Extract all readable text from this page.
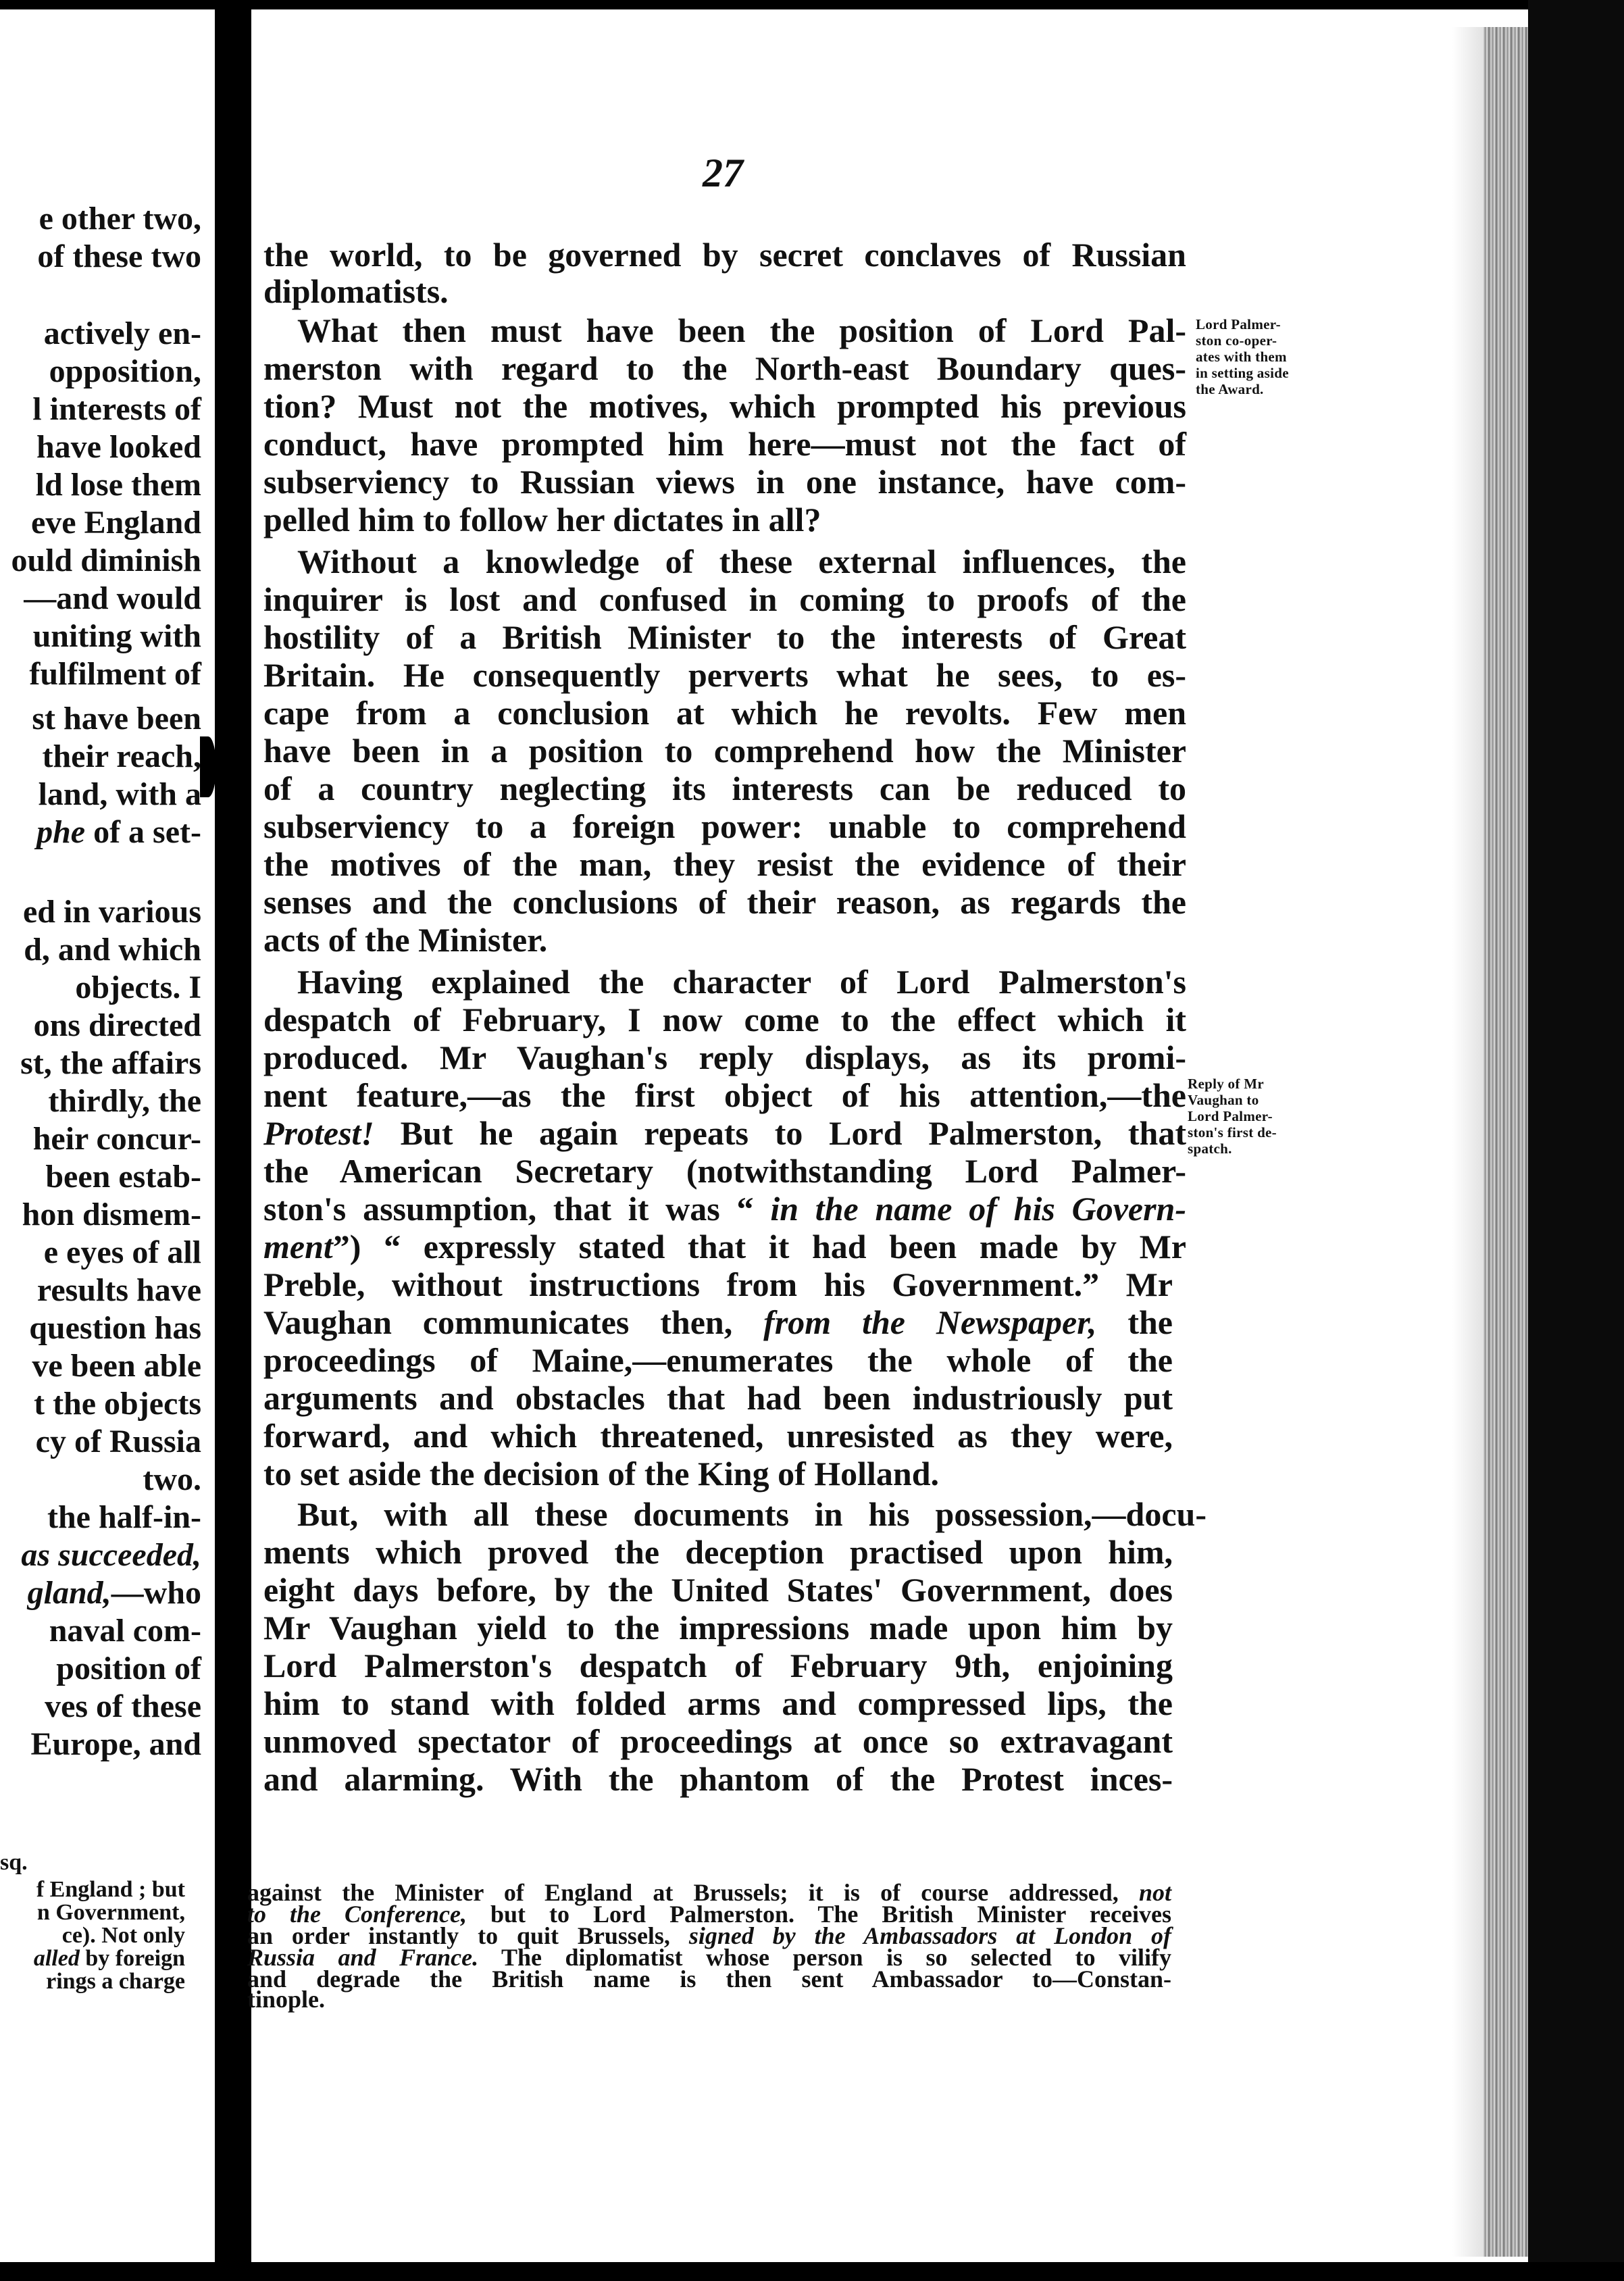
e other two,
of these two
actively en-
opposition,
l interests of
have looked
ld lose them
eve England
ould diminish
—and would
uniting with
fulfilment of
st have been
their reach,
land, with a
phe of a set-
ed in various
d, and which
objects. I
ons directed
st, the affairs
thirdly, the
heir concur-
been estab-
hon dismem-
e eyes of all
results have
question has
ve been able
t the objects
cy of Russia
two.
the half-in-
as succeeded,
gland,—who
naval com-
position of
ves of these
Europe, and
sq.
f England ; but
n Government,
ce). Not only
alled by foreign
rings a charge
27
the world, to be governed by secret conclaves of Russian
diplomatists.
What then must have been the position of Lord Pal-
merston with regard to the North-east Boundary ques-
tion? Must not the motives, which prompted his previous
conduct, have prompted him here—must not the fact of
subserviency to Russian views in one instance, have com-
pelled him to follow her dictates in all?
Without a knowledge of these external influences, the
inquirer is lost and confused in coming to proofs of the
hostility of a British Minister to the interests of Great
Britain. He consequently perverts what he sees, to es-
cape from a conclusion at which he revolts. Few men
have been in a position to comprehend how the Minister
of a country neglecting its interests can be reduced to
subserviency to a foreign power: unable to comprehend
the motives of the man, they resist the evidence of their
senses and the conclusions of their reason, as regards the
acts of the Minister.
Having explained the character of Lord Palmerston's
despatch of February, I now come to the effect which it
produced. Mr Vaughan's reply displays, as its promi-
nent feature,—as the first object of his attention,—the
Protest! But he again repeats to Lord Palmerston, that
the American Secretary (notwithstanding Lord Palmer-
ston's assumption, that it was “ in the name of his Govern-
ment”) “ expressly stated that it had been made by Mr
Preble, without instructions from his Government.” Mr
Vaughan communicates then, from the Newspaper, the
proceedings of Maine,—enumerates the whole of the
arguments and obstacles that had been industriously put
forward, and which threatened, unresisted as they were,
to set aside the decision of the King of Holland.
But, with all these documents in his possession,—docu-
ments which proved the deception practised upon him,
eight days before, by the United States' Government, does
Mr Vaughan yield to the impressions made upon him by
Lord Palmerston's despatch of February 9th, enjoining
him to stand with folded arms and compressed lips, the
unmoved spectator of proceedings at once so extravagant
and alarming. With the phantom of the Protest inces-
against the Minister of England at Brussels; it is of course addressed, not
to the Conference, but to Lord Palmerston. The British Minister receives
an order instantly to quit Brussels, signed by the Ambassadors at London of
Russia and France. The diplomatist whose person is so selected to vilify
and degrade the British name is then sent Ambassador to—Constan-
tinople.
Lord Palmer-
ston co-oper-
ates with them
in setting aside
the Award.
Reply of Mr
Vaughan to
Lord Palmer-
ston's first de-
spatch.
